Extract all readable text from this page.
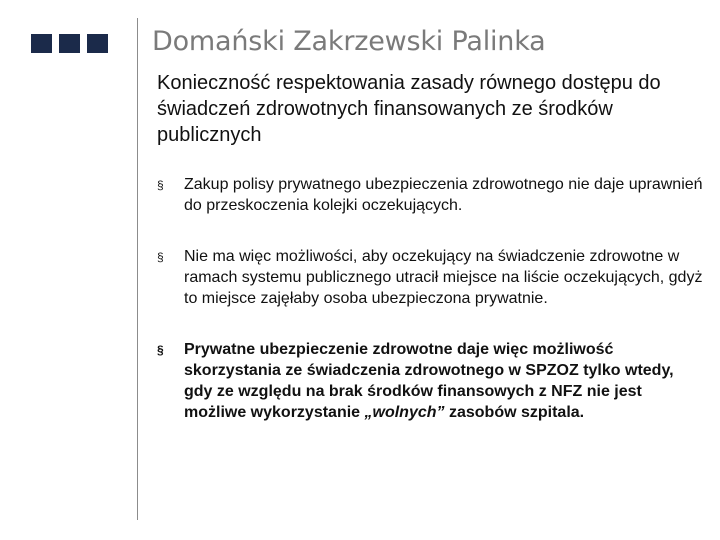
Domański Zakrzewski Palinka
Konieczność respektowania zasady równego dostępu do świadczeń zdrowotnych finansowanych ze środków publicznych
§ Zakup polisy prywatnego ubezpieczenia zdrowotnego nie daje uprawnień do przeskoczenia kolejki oczekujących.
§ Nie ma więc możliwości, aby oczekujący na świadczenie zdrowotne w ramach systemu publicznego utracił miejsce na liście oczekujących, gdyż to miejsce zajęłaby osoba ubezpieczona prywatnie.
§ Prywatne ubezpieczenie zdrowotne daje więc możliwość skorzystania ze świadczenia zdrowotnego w SPZOZ tylko wtedy, gdy ze względu na brak środków finansowych z NFZ nie jest możliwe wykorzystanie „wolnych” zasobów szpitala.
